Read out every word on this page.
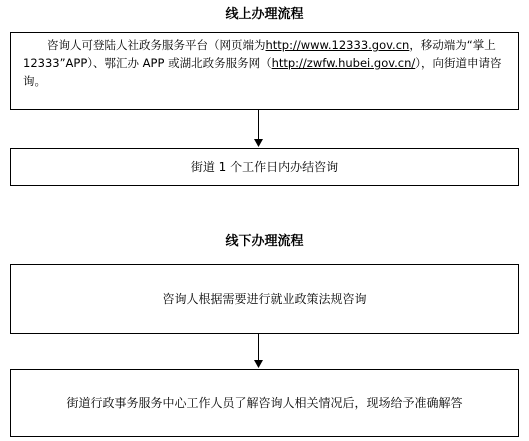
线上办理流程
咨询人可登陆人社政务服务平台（网页端为http://www.12333.gov.cn，移动端为“掌上 12333”APP）、鄂汇办 APP 或湖北政务服务网（http://zwfw.hubei.gov.cn/），向街道申请咨询。
街道 1 个工作日内办结咨询
线下办理流程
咨询人根据需要进行就业政策法规咨询
街道行政事务服务中心工作人员了解咨询人相关情况后，现场给予准确解答
